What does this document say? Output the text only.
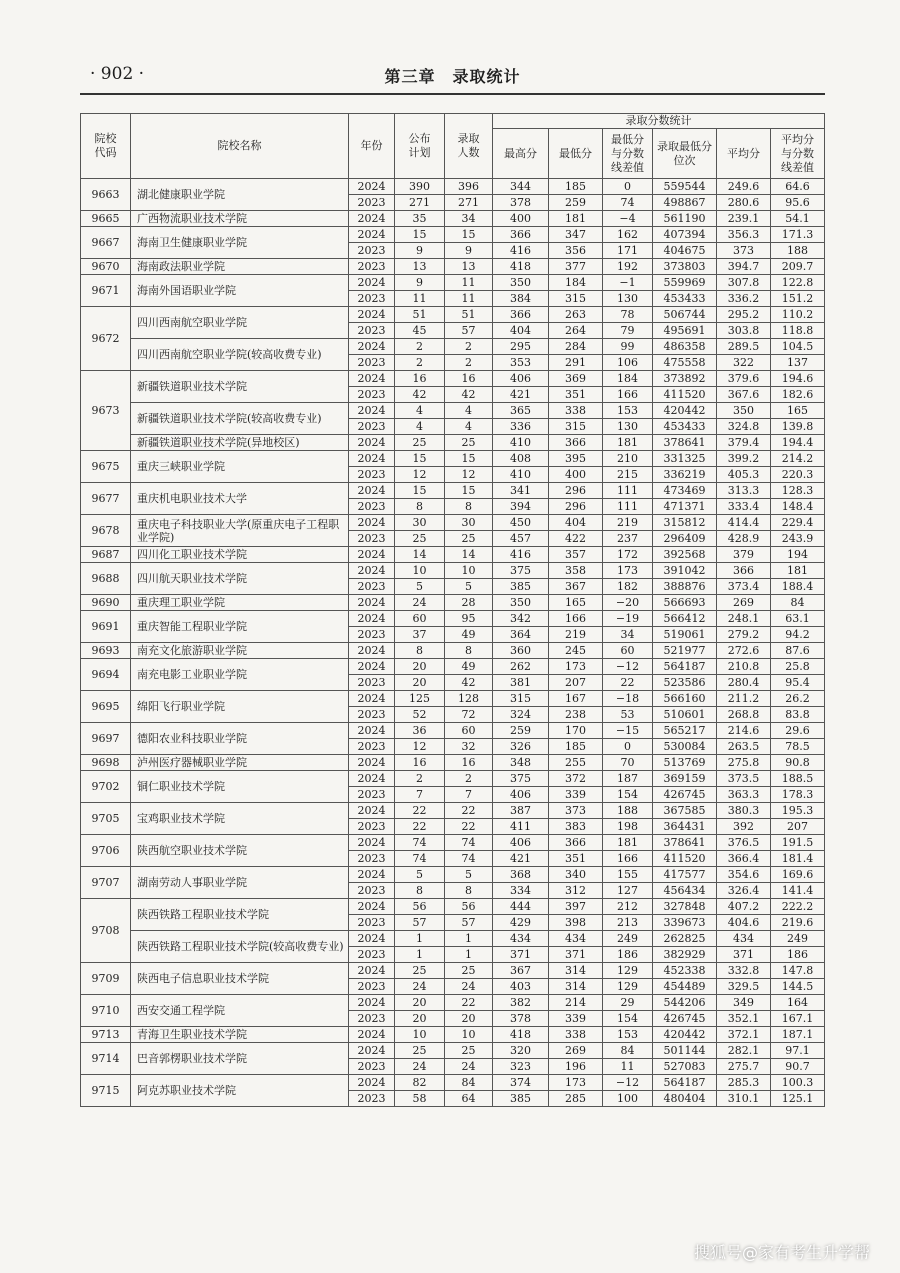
· 902 ·	第三章　录取统计
院校代码	院校名称	年份	公布计划	录取人数	录取分数统计					
					最高分	最低分	最低分与分数线差值	录取最低分位次	平均分	平均分与分数线差值
9663	湖北健康职业学院	2024	390	396	344	185	0	559544	249.6	64.6
		2023	271	271	378	259	74	498867	280.6	95.6
9665	广西物流职业技术学院	2024	35	34	400	181	−4	561190	239.1	54.1
9667	海南卫生健康职业学院	2024	15	15	366	347	162	407394	356.3	171.3
		2023	9	9	416	356	171	404675	373	188
9670	海南政法职业学院	2023	13	13	418	377	192	373803	394.7	209.7
9671	海南外国语职业学院	2024	9	11	350	184	−1	559969	307.8	122.8
		2023	11	11	384	315	130	453433	336.2	151.2
9672	四川西南航空职业学院	2024	51	51	366	263	78	506744	295.2	110.2
		2023	45	57	404	264	79	495691	303.8	118.8
	四川西南航空职业学院(较高收费专业)	2024	2	2	295	284	99	486358	289.5	104.5
		2023	2	2	353	291	106	475558	322	137
9673	新疆铁道职业技术学院	2024	16	16	406	369	184	373892	379.6	194.6
		2023	42	42	421	351	166	411520	367.6	182.6
	新疆铁道职业技术学院(较高收费专业)	2024	4	4	365	338	153	420442	350	165
		2023	4	4	336	315	130	453433	324.8	139.8
	新疆铁道职业技术学院(异地校区)	2024	25	25	410	366	181	378641	379.4	194.4
9675	重庆三峡职业学院	2024	15	15	408	395	210	331325	399.2	214.2
		2023	12	12	410	400	215	336219	405.3	220.3
9677	重庆机电职业技术大学	2024	15	15	341	296	111	473469	313.3	128.3
		2023	8	8	394	296	111	471371	333.4	148.4
9678	重庆电子科技职业大学(原重庆电子工程职业学院)	2024	30	30	450	404	219	315812	414.4	229.4
		2023	25	25	457	422	237	296409	428.9	243.9
9687	四川化工职业技术学院	2024	14	14	416	357	172	392568	379	194
9688	四川航天职业技术学院	2024	10	10	375	358	173	391042	366	181
		2023	5	5	385	367	182	388876	373.4	188.4
9690	重庆理工职业学院	2024	24	28	350	165	−20	566693	269	84
9691	重庆智能工程职业学院	2024	60	95	342	166	−19	566412	248.1	63.1
		2023	37	49	364	219	34	519061	279.2	94.2
9693	南充文化旅游职业学院	2024	8	8	360	245	60	521977	272.6	87.6
9694	南充电影工业职业学院	2024	20	49	262	173	−12	564187	210.8	25.8
		2023	20	42	381	207	22	523586	280.4	95.4
9695	绵阳飞行职业学院	2024	125	128	315	167	−18	566160	211.2	26.2
		2023	52	72	324	238	53	510601	268.8	83.8
9697	德阳农业科技职业学院	2024	36	60	259	170	−15	565217	214.6	29.6
		2023	12	32	326	185	0	530084	263.5	78.5
9698	泸州医疗器械职业学院	2024	16	16	348	255	70	513769	275.8	90.8
9702	铜仁职业技术学院	2024	2	2	375	372	187	369159	373.5	188.5
		2023	7	7	406	339	154	426745	363.3	178.3
9705	宝鸡职业技术学院	2024	22	22	387	373	188	367585	380.3	195.3
		2023	22	22	411	383	198	364431	392	207
9706	陕西航空职业技术学院	2024	74	74	406	366	181	378641	376.5	191.5
		2023	74	74	421	351	166	411520	366.4	181.4
9707	湖南劳动人事职业学院	2024	5	5	368	340	155	417577	354.6	169.6
		2023	8	8	334	312	127	456434	326.4	141.4
9708	陕西铁路工程职业技术学院	2024	56	56	444	397	212	327848	407.2	222.2
		2023	57	57	429	398	213	339673	404.6	219.6
	陕西铁路工程职业技术学院(较高收费专业)	2024	1	1	434	434	249	262825	434	249
		2023	1	1	371	371	186	382929	371	186
9709	陕西电子信息职业技术学院	2024	25	25	367	314	129	452338	332.8	147.8
		2023	24	24	403	314	129	454489	329.5	144.5
9710	西安交通工程学院	2024	20	22	382	214	29	544206	349	164
		2023	20	20	378	339	154	426745	352.1	167.1
9713	青海卫生职业技术学院	2024	10	10	418	338	153	420442	372.1	187.1
9714	巴音郭楞职业技术学院	2024	25	25	320	269	84	501144	282.1	97.1
		2023	24	24	323	196	11	527083	275.7	90.7
9715	阿克苏职业技术学院	2024	82	84	374	173	−12	564187	285.3	100.3
		2023	58	64	385	285	100	480404	310.1	125.1
搜狐号@家有考生升学帮
